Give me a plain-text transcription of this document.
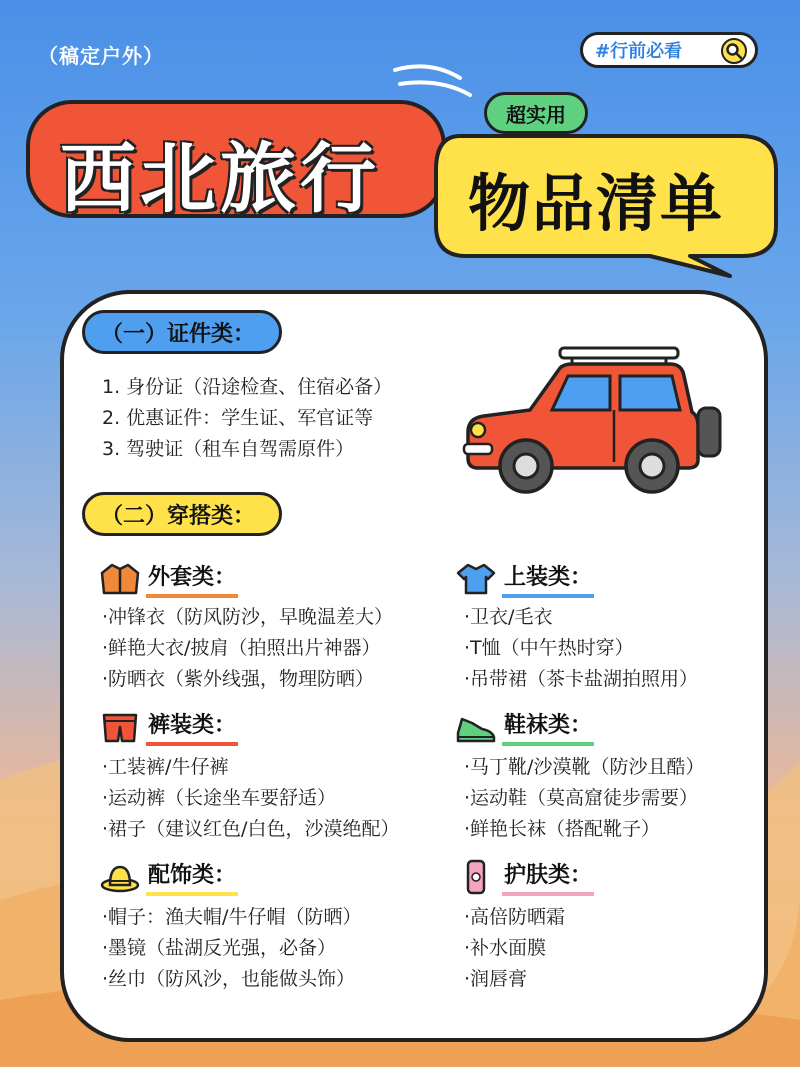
（稿定户外）	#行前必看
西北旅行 物品清单
超实用
（一）证件类：
1. 身份证（沿途检查、住宿必备）
2. 优惠证件：学生证、军官证等
3. 驾驶证（租车自驾需原件）
（二）穿搭类：
外套类：
·冲锋衣（防风防沙，早晚温差大）
·鲜艳大衣/披肩（拍照出片神器）
·防晒衣（紫外线强，物理防晒）
上装类：
·卫衣/毛衣
·T恤（中午热时穿）
·吊带裙（茶卡盐湖拍照用）
裤装类：
·工装裤/牛仔裤
·运动裤（长途坐车要舒适）
·裙子（建议红色/白色，沙漠绝配）
鞋袜类：
·马丁靴/沙漠靴（防沙且酷）
·运动鞋（莫高窟徒步需要）
·鲜艳长袜（搭配靴子）
配饰类：
·帽子：渔夫帽/牛仔帽（防晒）
·墨镜（盐湖反光强，必备）
·丝巾（防风沙，也能做头饰）
护肤类：
·高倍防晒霜
·补水面膜
·润唇膏
